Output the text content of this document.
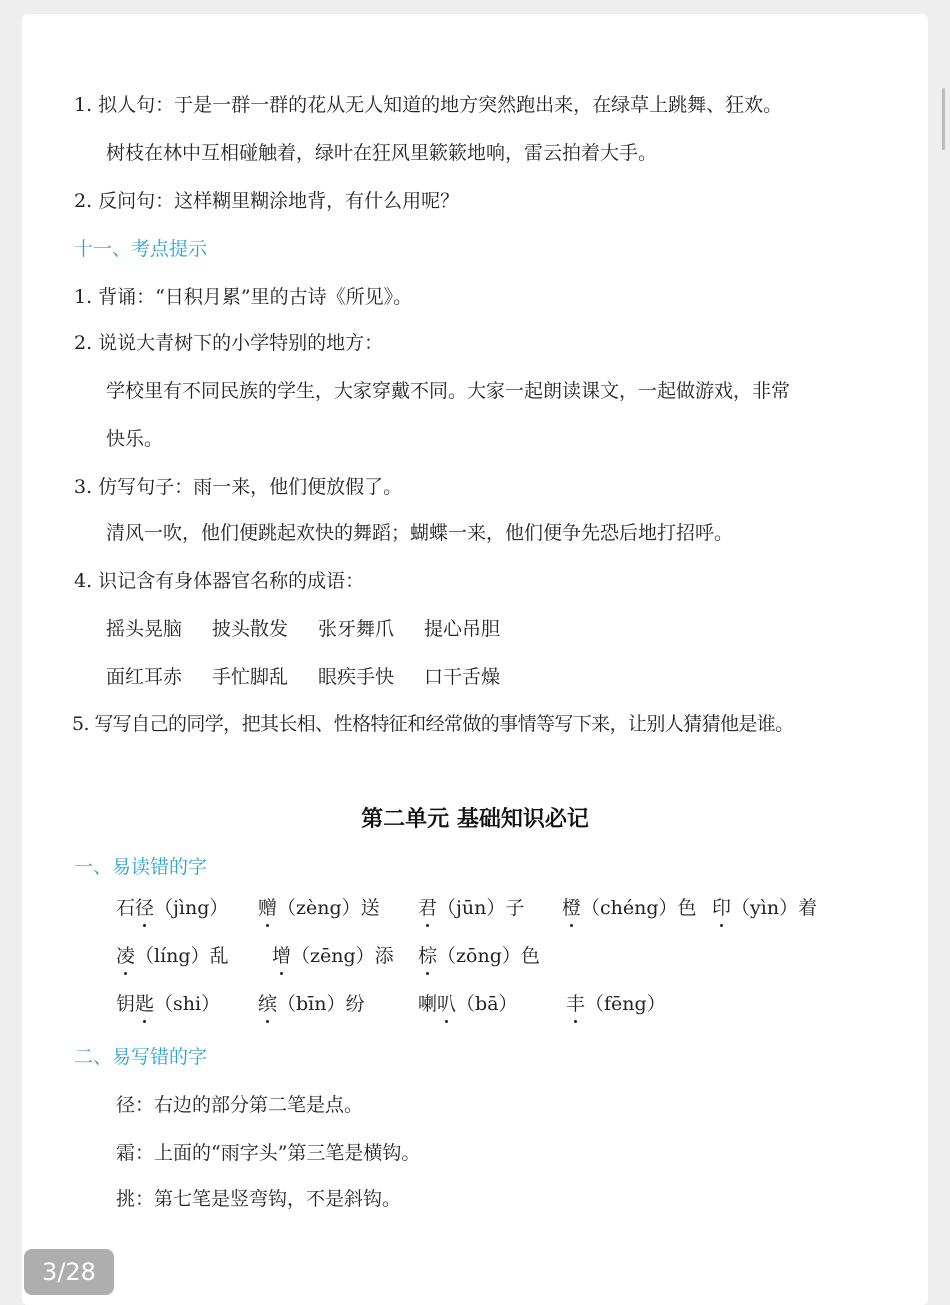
1. 拟人句：于是一群一群的花从无人知道的地方突然跑出来，在绿草上跳舞、狂欢。
树枝在林中互相碰触着，绿叶在狂风里簌簌地响，雷云拍着大手。
2. 反问句：这样糊里糊涂地背，有什么用呢？
十一、考点提示
1. 背诵：“日积月累”里的古诗《所见》。
2. 说说大青树下的小学特别的地方：
学校里有不同民族的学生，大家穿戴不同。大家一起朗读课文，一起做游戏，非常
快乐。
3. 仿写句子：雨一来，他们便放假了。
清风一吹，他们便跳起欢快的舞蹈；蝴蝶一来，他们便争先恐后地打招呼。
4. 识记含有身体器官名称的成语：
摇头晃脑 披头散发 张牙舞爪 提心吊胆
面红耳赤 手忙脚乱 眼疾手快 口干舌燥
5. 写写自己的同学，把其长相、性格特征和经常做的事情等写下来，让别人猜猜他是谁。
第二单元 基础知识必记
一、易读错的字
石径（jìng） 赠（zèng）送 君（jūn）子 橙（chéng）色 印（yìn）着
凌（líng）乱 增（zēng）添 棕（zōng）色
钥匙（shi） 缤（bīn）纷	喇叭（bā）	丰（fēng）
二、易写错的字
径：右边的部分第二笔是点。
霜：上面的“雨字头”第三笔是横钩。
挑：第七笔是竖弯钩，不是斜钩。
3/28
